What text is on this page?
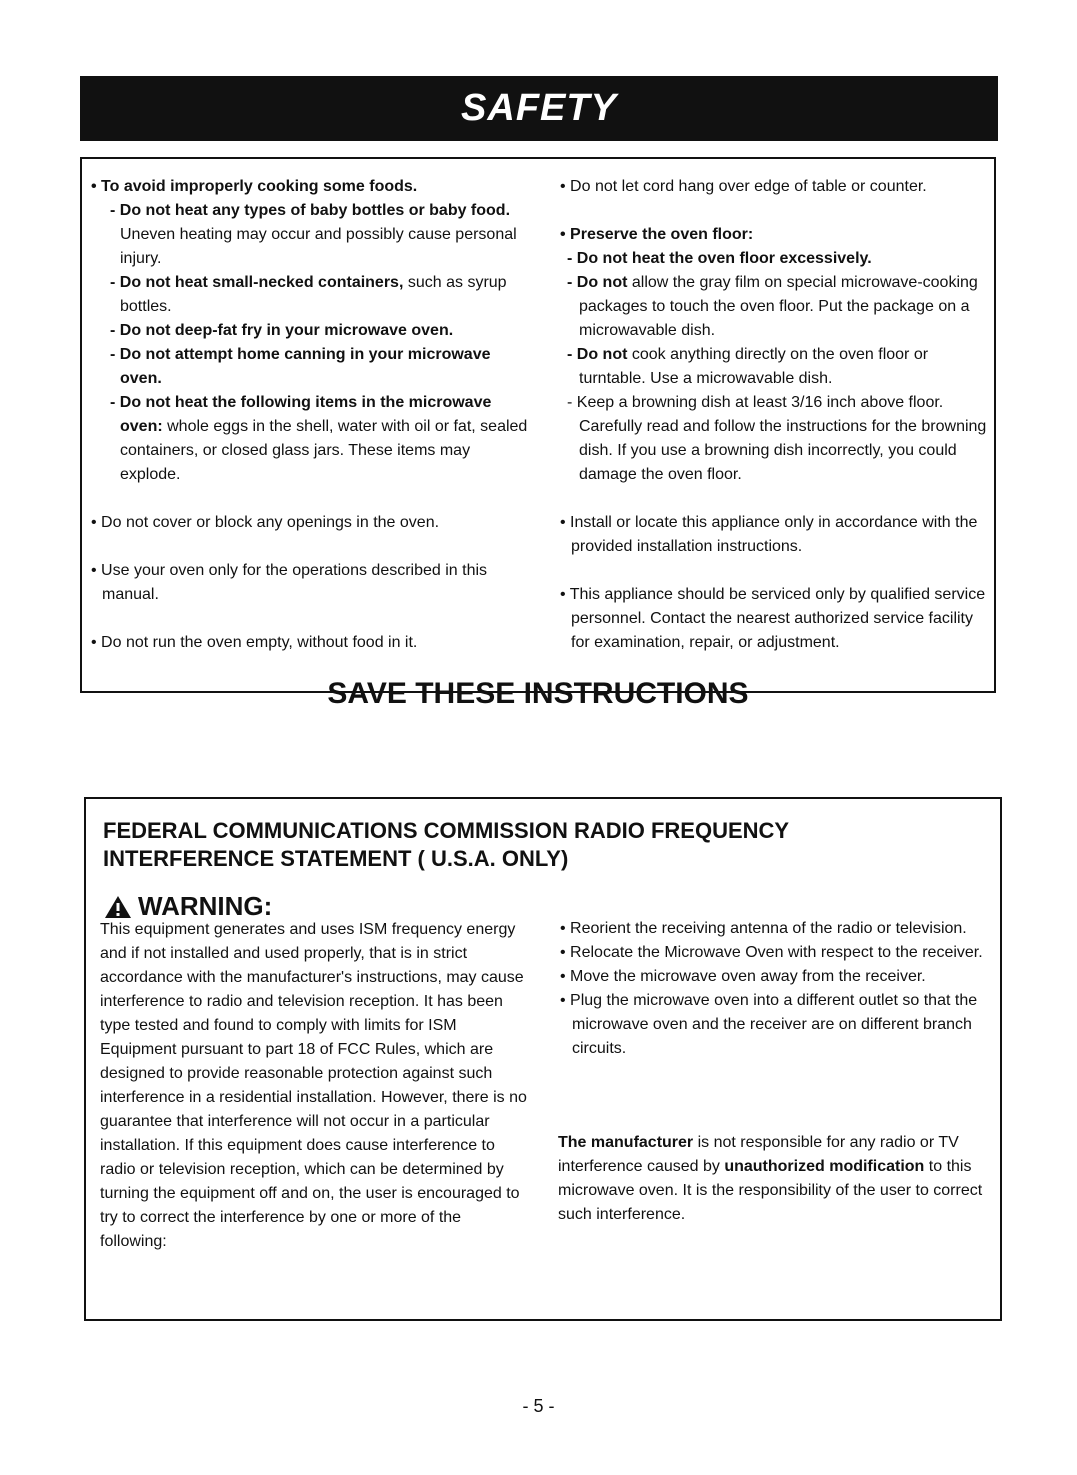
SAFETY

• To avoid improperly cooking some foods.

- Do not heat any types of baby bottles or baby food. Uneven heating may occur and possibly cause personal injury.

- Do not heat small-necked containers, such as syrup bottles.

- Do not deep-fat fry in your microwave oven.

- Do not attempt home canning in your microwave oven.

- Do not heat the following items in the microwave oven: whole eggs in the shell, water with oil or fat, sealed containers, or closed glass jars. These items may explode.

• Do not cover or block any openings in the oven.

• Use your oven only for the operations described in this manual.

• Do not run the oven empty, without food in it.

• Do not let cord hang over edge of table or counter.

• Preserve the oven floor:

- Do not heat the oven floor excessively.

- Do not allow the gray film on special microwave-cooking packages to touch the oven floor. Put the package on a microwavable dish.

- Do not cook anything directly on the oven floor or turntable. Use a microwavable dish.

- Keep a browning dish at least 3/16 inch above floor. Carefully read and follow the instructions for the browning dish. If you use a browning dish incorrectly, you could damage the oven floor.

• Install or locate this appliance only in accordance with the provided installation instructions.

• This appliance should be serviced only by qualified service personnel. Contact the nearest authorized service facility for examination, repair, or adjustment.

SAVE THESE INSTRUCTIONS
FEDERAL COMMUNICATIONS COMMISSION RADIO FREQUENCY
INTERFERENCE STATEMENT ( U.S.A. ONLY)
WARNING:

This equipment generates and uses ISM frequency energy and if not installed and used properly, that is in strict accordance with the manufacturer's instructions, may cause interference to radio and television reception. It has been type tested and found to comply with limits for ISM Equipment pursuant to part 18 of FCC Rules, which are designed to provide reasonable protection against such interference in a residential installation. However, there is no guarantee that interference will not occur in a particular installation. If this equipment does cause interference to radio or television reception, which can be determined by turning the equipment off and on, the user is encouraged to try to correct the interference by one or more of the following:

• Reorient the receiving antenna of the radio or television.
• Relocate the Microwave Oven with respect to the receiver.
• Move the microwave oven away from the receiver.
• Plug the microwave oven into a different outlet so that the microwave oven and the receiver are on different branch circuits.

The manufacturer is not responsible for any radio or TV interference caused by unauthorized modification to this microwave oven. It is the responsibility of the user to correct such interference.

- 5 -
